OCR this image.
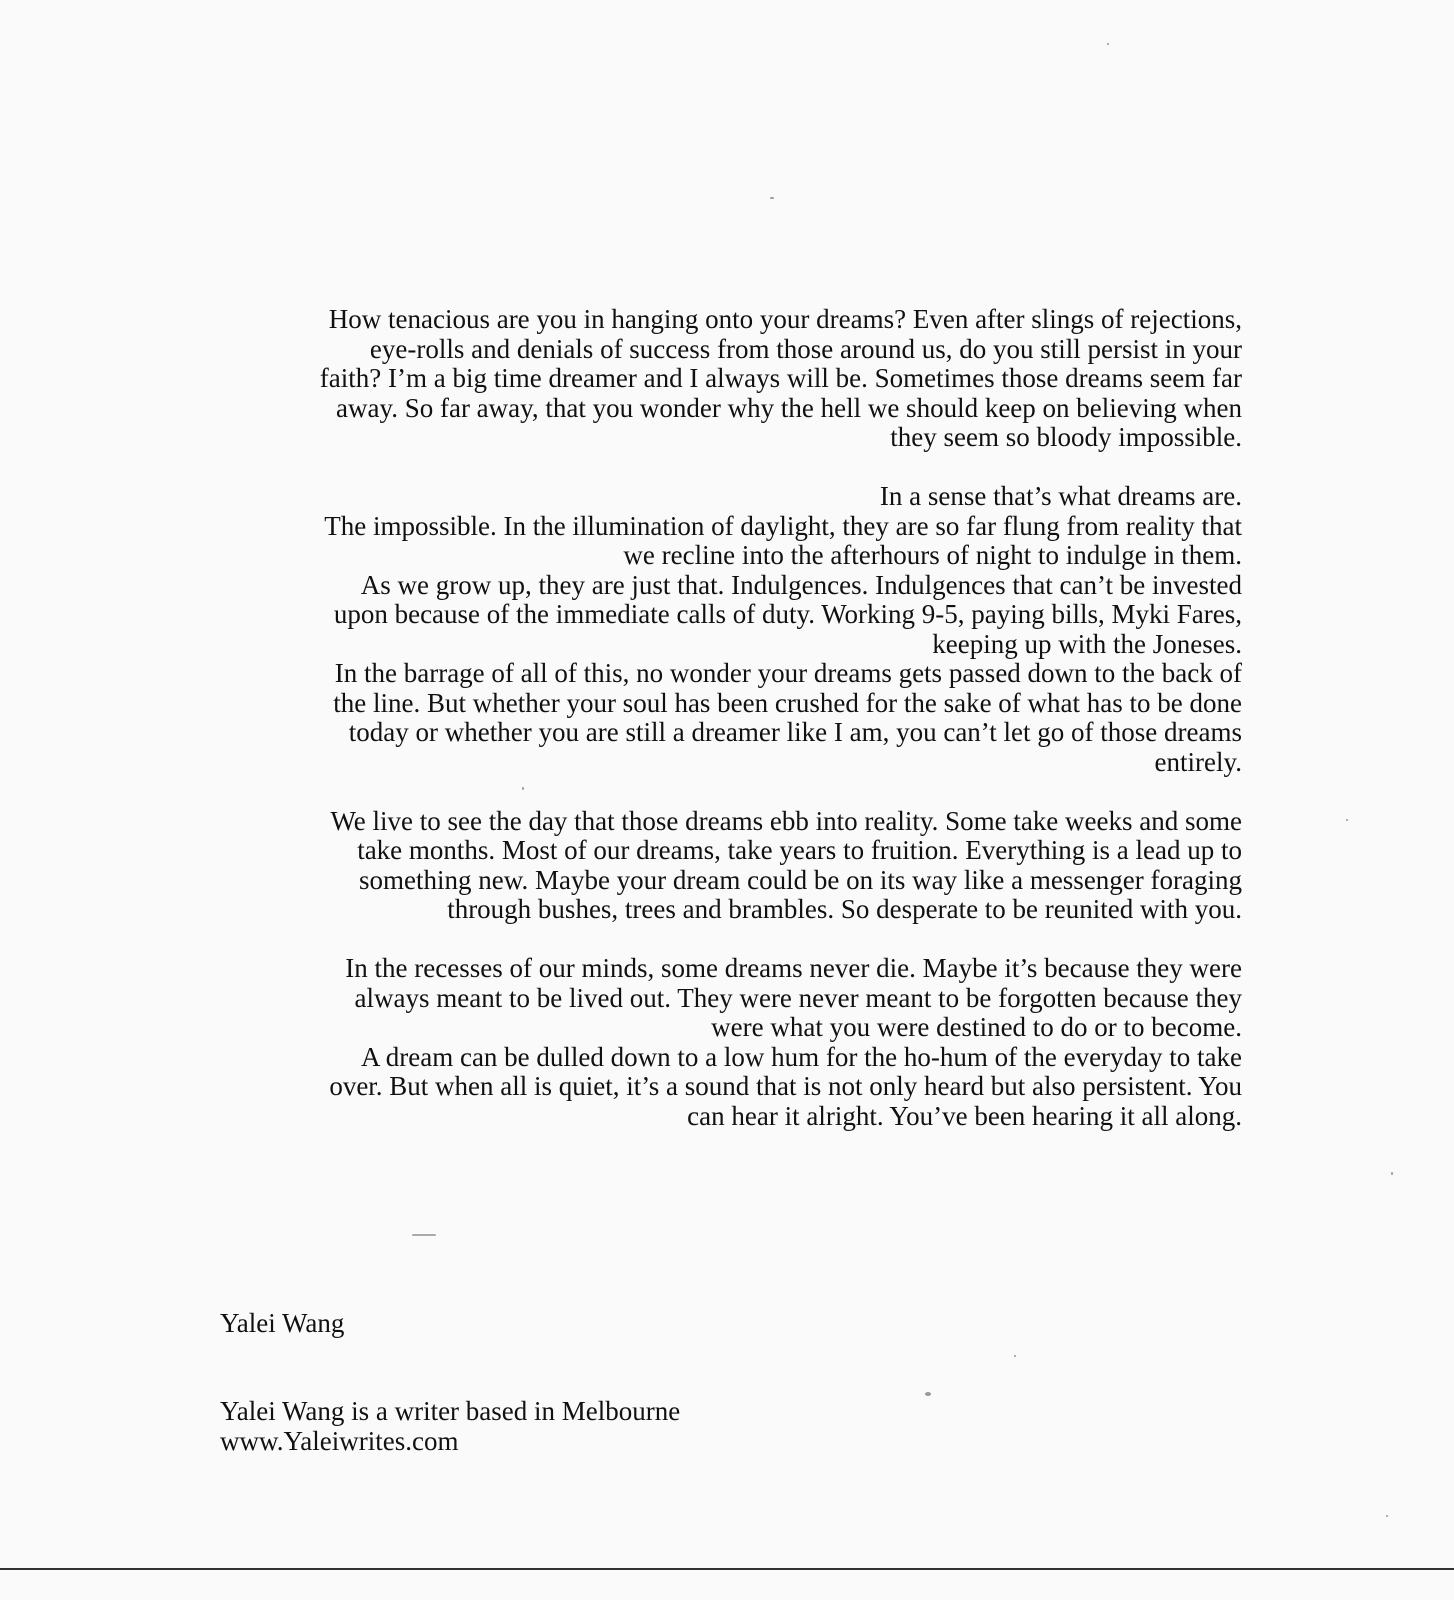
How tenacious are you in hanging onto your dreams? Even after slings of rejections,
eye-rolls and denials of success from those around us, do you still persist in your
faith? I’m a big time dreamer and I always will be. Sometimes those dreams seem far
away. So far away, that you wonder why the hell we should keep on believing when
they seem so bloody impossible.
In a sense that’s what dreams are.
The impossible. In the illumination of daylight, they are so far flung from reality that
we recline into the afterhours of night to indulge in them.
As we grow up, they are just that. Indulgences. Indulgences that can’t be invested
upon because of the immediate calls of duty. Working 9-5, paying bills, Myki Fares,
keeping up with the Joneses.
In the barrage of all of this, no wonder your dreams gets passed down to the back of
the line. But whether your soul has been crushed for the sake of what has to be done
today or whether you are still a dreamer like I am, you can’t let go of those dreams
entirely.
We live to see the day that those dreams ebb into reality. Some take weeks and some
take months. Most of our dreams, take years to fruition. Everything is a lead up to
something new. Maybe your dream could be on its way like a messenger foraging
through bushes, trees and brambles. So desperate to be reunited with you.
In the recesses of our minds, some dreams never die. Maybe it’s because they were
always meant to be lived out. They were never meant to be forgotten because they
were what you were destined to do or to become.
A dream can be dulled down to a low hum for the ho-hum of the everyday to take
over. But when all is quiet, it’s a sound that is not only heard but also persistent. You
can hear it alright. You’ve been hearing it all along.
Yalei Wang
Yalei Wang is a writer based in Melbourne
www.Yaleiwrites.com
